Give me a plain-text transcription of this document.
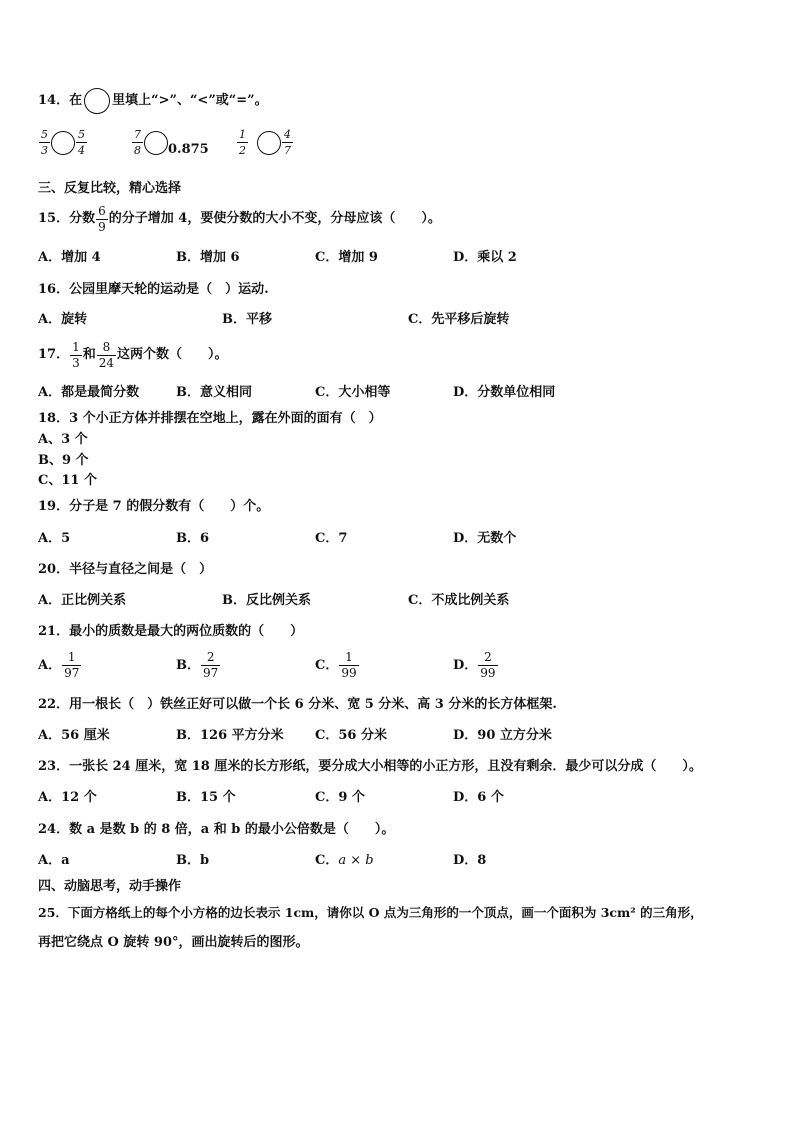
14． 在 里填上“>”、“<”或“=”。
$\frac{5}{3} \frac{5}{4}$	$\frac{7}{8} 0.875$	$\frac{1}{2}$	$\frac{4}{7}$
三、反复比较，精心选择
15． 分数 $\frac{6}{9}$ 的分子增加 4，要使分数的大小不变，分母应该（　　）。
A．增加 4	B．增加 6	C．增加 9	D．乘以 2
16．公园里摩天轮的运动是（　）运动.
A．旋转	B．平移	C．先平移后旋转
17． $\frac{1}{3}$ 和 $\frac{8}{24}$ 这两个数（　　）。
A．都是最简分数	B．意义相同	C．大小相等	D．分数单位相同
18．3 个小正方体并排摆在空地上，露在外面的面有（　）
A、3 个
B、9 个
C、11 个
19．分子是 7 的假分数有（　　）个。
A．5	B．6	C．7	D．无数个
20．半径与直径之间是（　）
A．正比例关系	B．反比例关系	C．不成比例关系
21．最小的质数是最大的两位质数的（　　）
A． $\frac{1}{97}$	B． $\frac{2}{97}$	C． $\frac{1}{99}$	D． $\frac{2}{99}$
22．用一根长（　）铁丝正好可以做一个长 6 分米、宽 5 分米、高 3 分米的长方体框架.
A．56 厘米	B．126 平方分米 C．56 分米	D．90 立方分米
23．一张长 24 厘米，宽 18 厘米的长方形纸，要分成大小相等的小正方形，且没有剩余．最少可以分成（　　）。
A．12 个	B．15 个	C．9 个	D．6 个
24．数 a 是数 b 的 8 倍，a 和 b 的最小公倍数是（　　）。
A．a	B．b	C．a × b	D．8
四、动脑思考，动手操作
25．下面方格纸上的每个小方格的边长表示 1cm，请你以 O 点为三角形的一个顶点，画一个面积为 3cm² 的三角形，
再把它绕点 O 旋转 90°，画出旋转后的图形。
